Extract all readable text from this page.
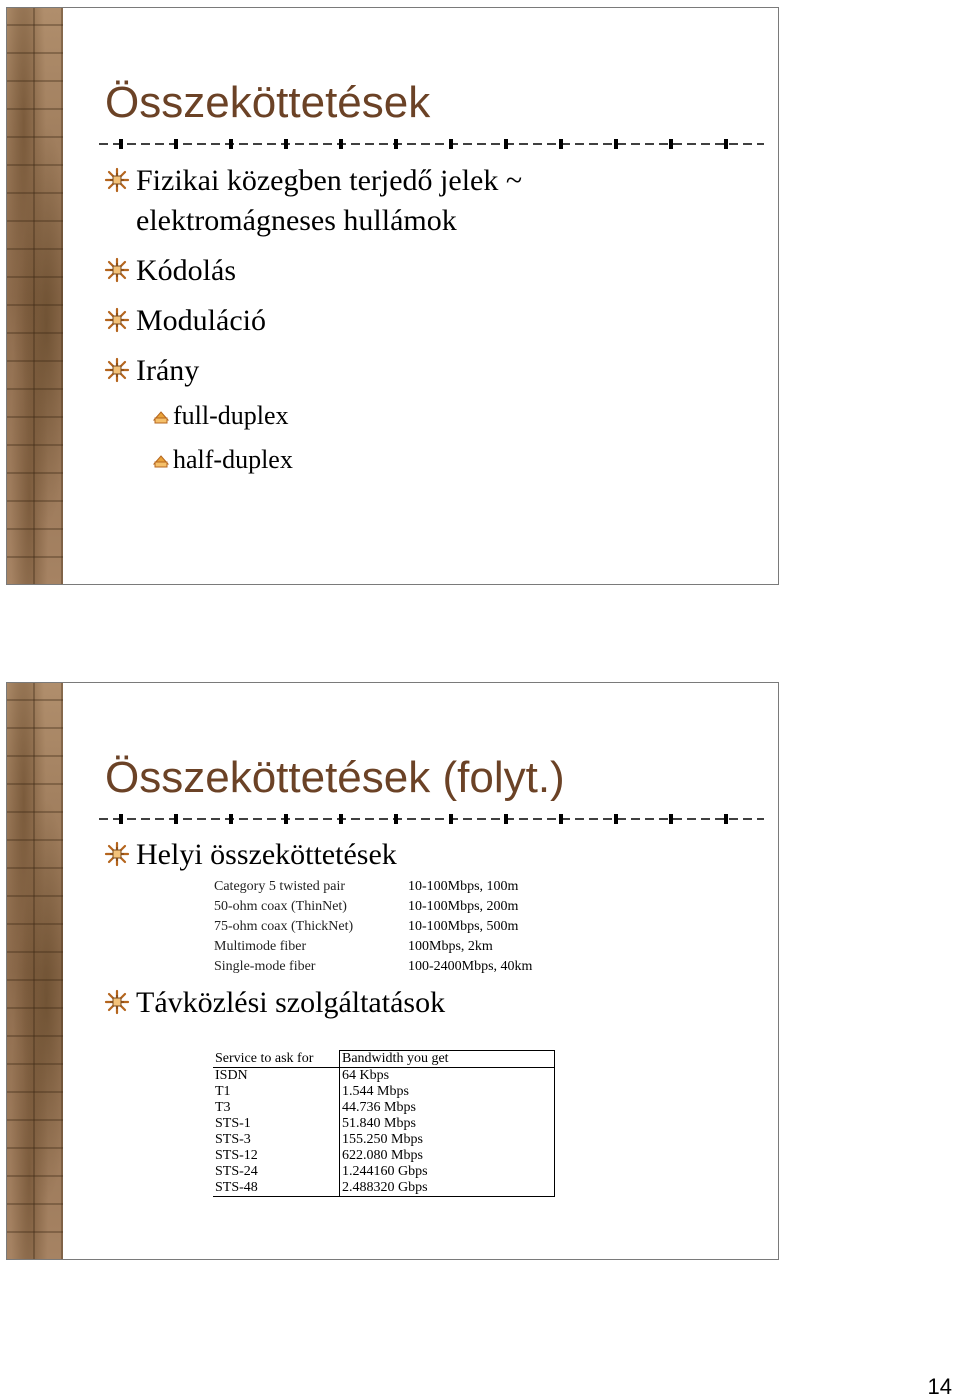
Összeköttetések
Fizikai közegben terjedő jelek ~
elektromágneses hullámok
Kódolás
Moduláció
Irány
full-duplex
half-duplex
Összeköttetések (folyt.)
Helyi összeköttetések
Category 5 twisted pair	10-100Mbps, 100m
50-ohm coax (ThinNet)	10-100Mbps, 200m
75-ohm coax (ThickNet)	10-100Mbps, 500m
Multimode fiber	100Mbps, 2km
Single-mode fiber	100-2400Mbps, 40km
Távközlési szolgáltatások
Service to ask for	Bandwidth you get
ISDN	64 Kbps
T1	1.544 Mbps
T3	44.736 Mbps
STS-1	51.840 Mbps
STS-3	155.250 Mbps
STS-12	622.080 Mbps
STS-24	1.244160 Gbps
STS-48	2.488320 Gbps
14
